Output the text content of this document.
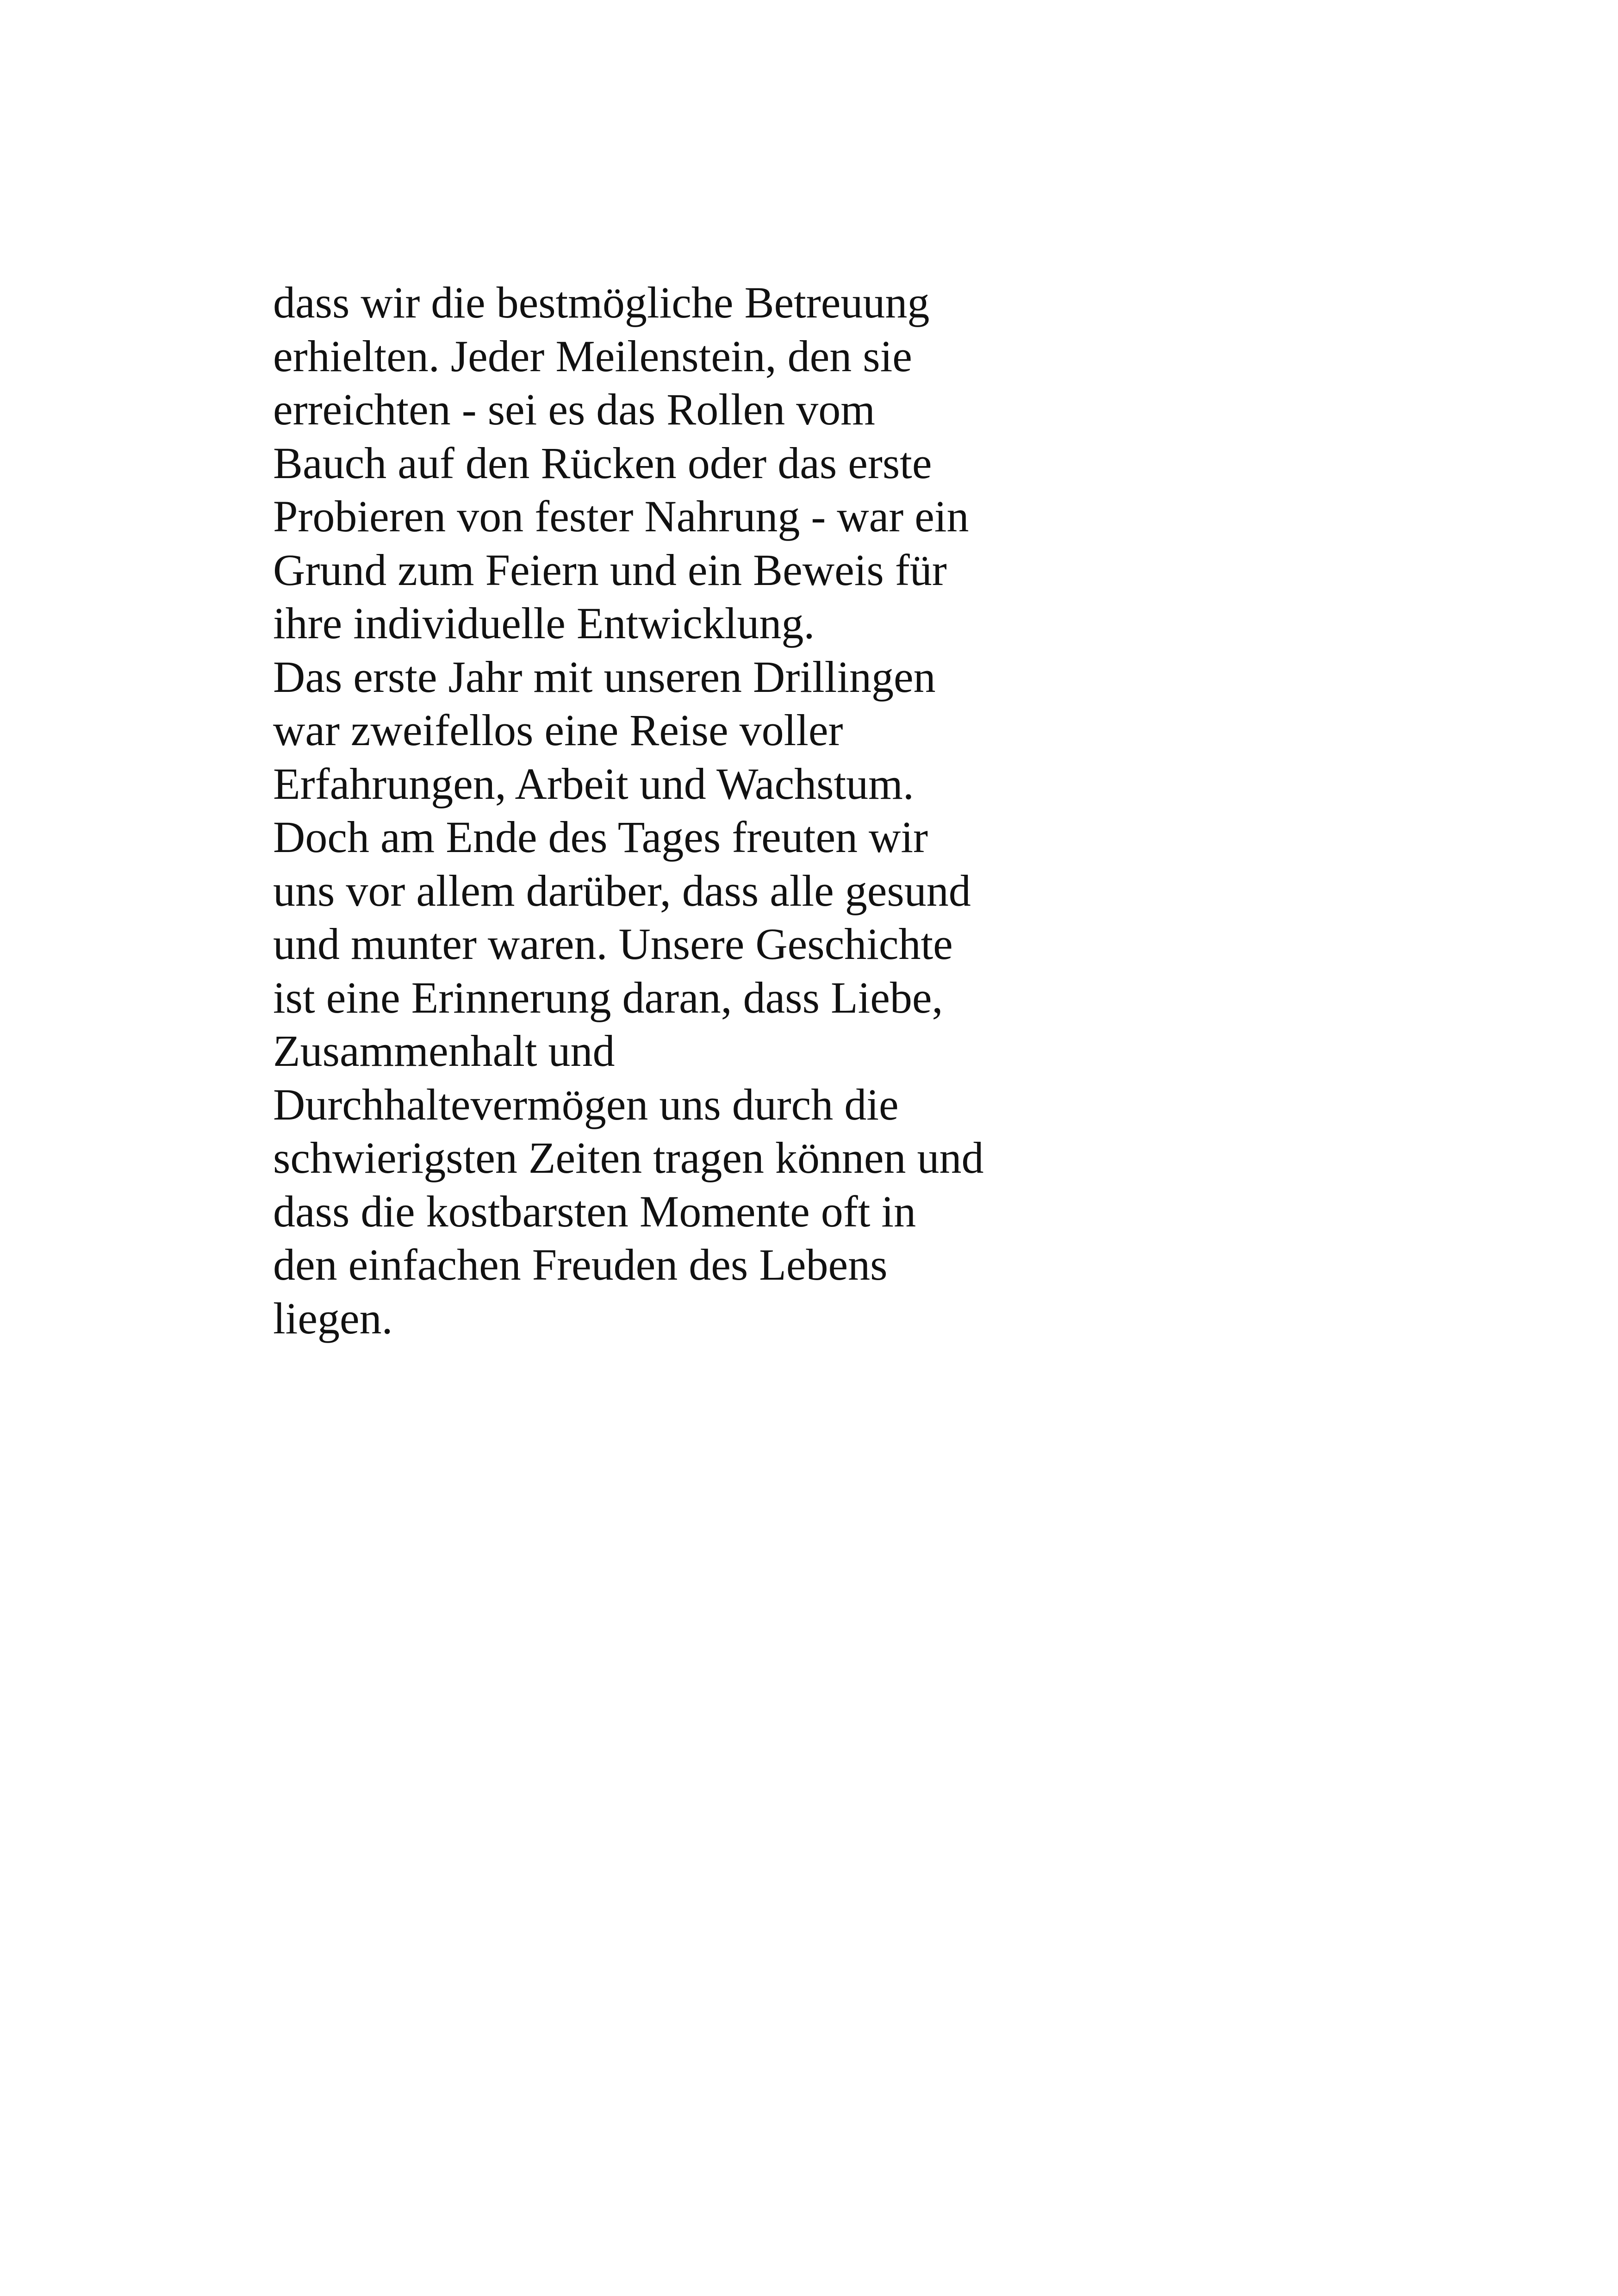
dass wir die bestmögliche Betreuung
erhielten. Jeder Meilenstein, den sie
erreichten - sei es das Rollen vom
Bauch auf den Rücken oder das erste
Probieren von fester Nahrung - war ein
Grund zum Feiern und ein Beweis für
ihre individuelle Entwicklung.
Das erste Jahr mit unseren Drillingen
war zweifellos eine Reise voller
Erfahrungen, Arbeit und Wachstum.
Doch am Ende des Tages freuten wir
uns vor allem darüber, dass alle gesund
und munter waren. Unsere Geschichte
ist eine Erinnerung daran, dass Liebe,
Zusammenhalt und
Durchhaltevermögen uns durch die
schwierigsten Zeiten tragen können und
dass die kostbarsten Momente oft in
den einfachen Freuden des Lebens
liegen.
